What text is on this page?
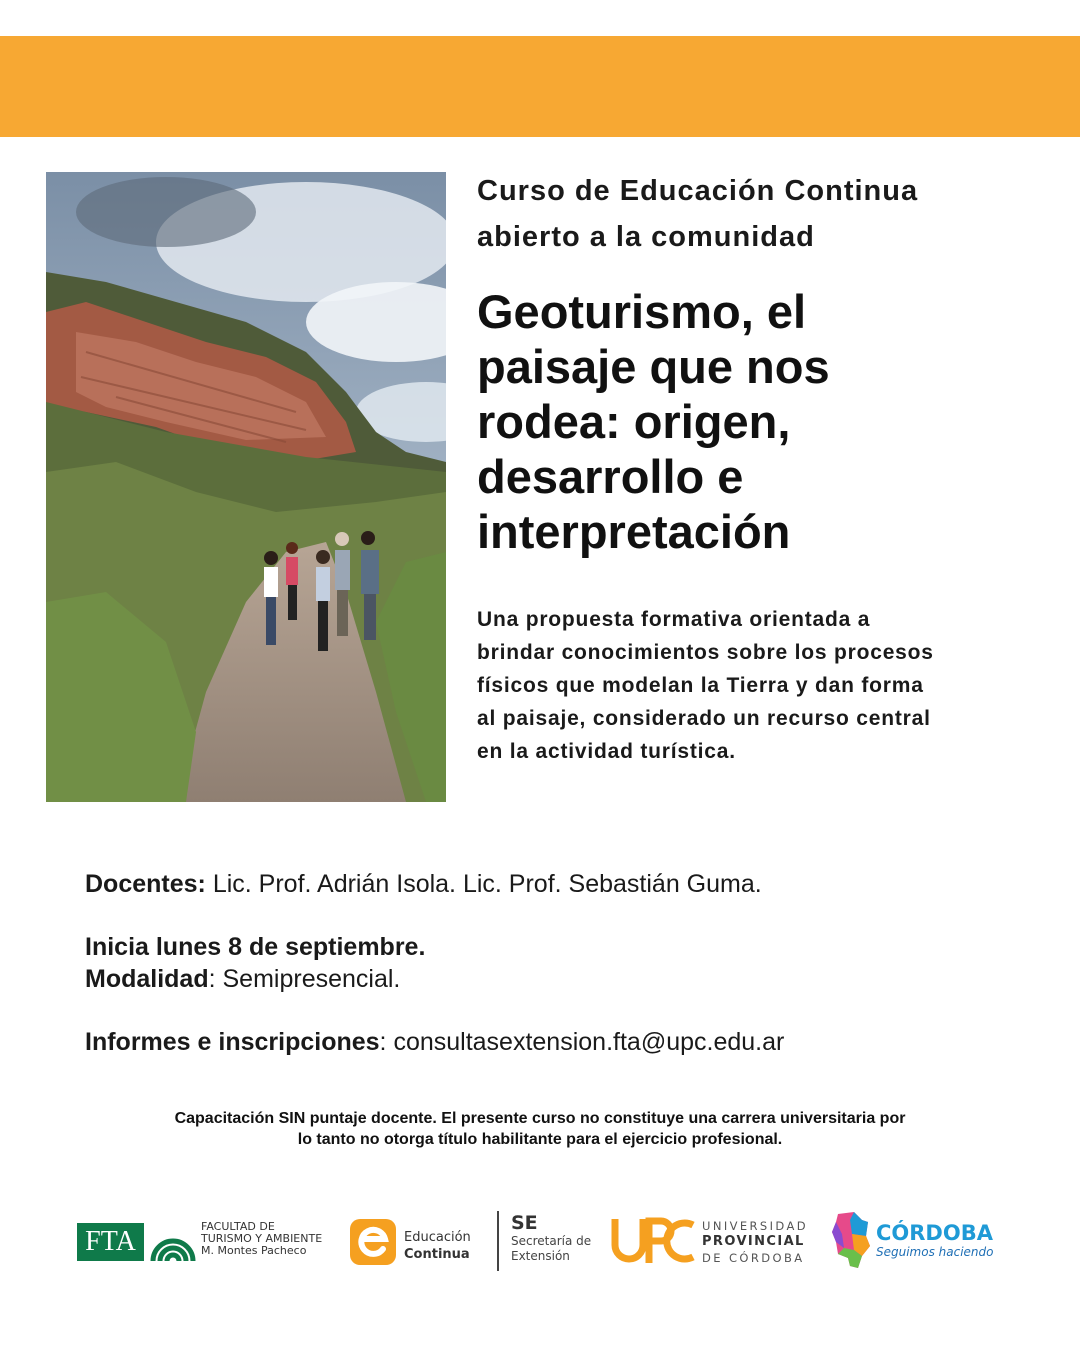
Curso de Educación Continua
abierto a la comunidad
Geoturismo, el
paisaje que nos
rodea: origen,
desarrollo e
interpretación
Una propuesta formativa orientada a
brindar conocimientos sobre los procesos
físicos que modelan la Tierra y dan forma
al paisaje, considerado un recurso central
en la actividad turística.
Docentes: Lic. Prof. Adrián Isola. Lic. Prof. Sebastián Guma.
Inicia lunes 8 de septiembre.
Modalidad: Semipresencial.
Informes e inscripciones: consultasextension.fta@upc.edu.ar
Capacitación SIN puntaje docente. El presente curso no constituye una carrera universitaria por
lo tanto no otorga título habilitante para el ejercicio profesional.
FTA	FACULTAD DE
TURISMO Y AMBIENTE
M. Montes Pacheco
Educación
Continua
SE
Secretaría de
Extensión
UNIVERSIDAD
PROVINCIAL
DE CÓRDOBA
CÓRDOBA
Seguimos haciendo
